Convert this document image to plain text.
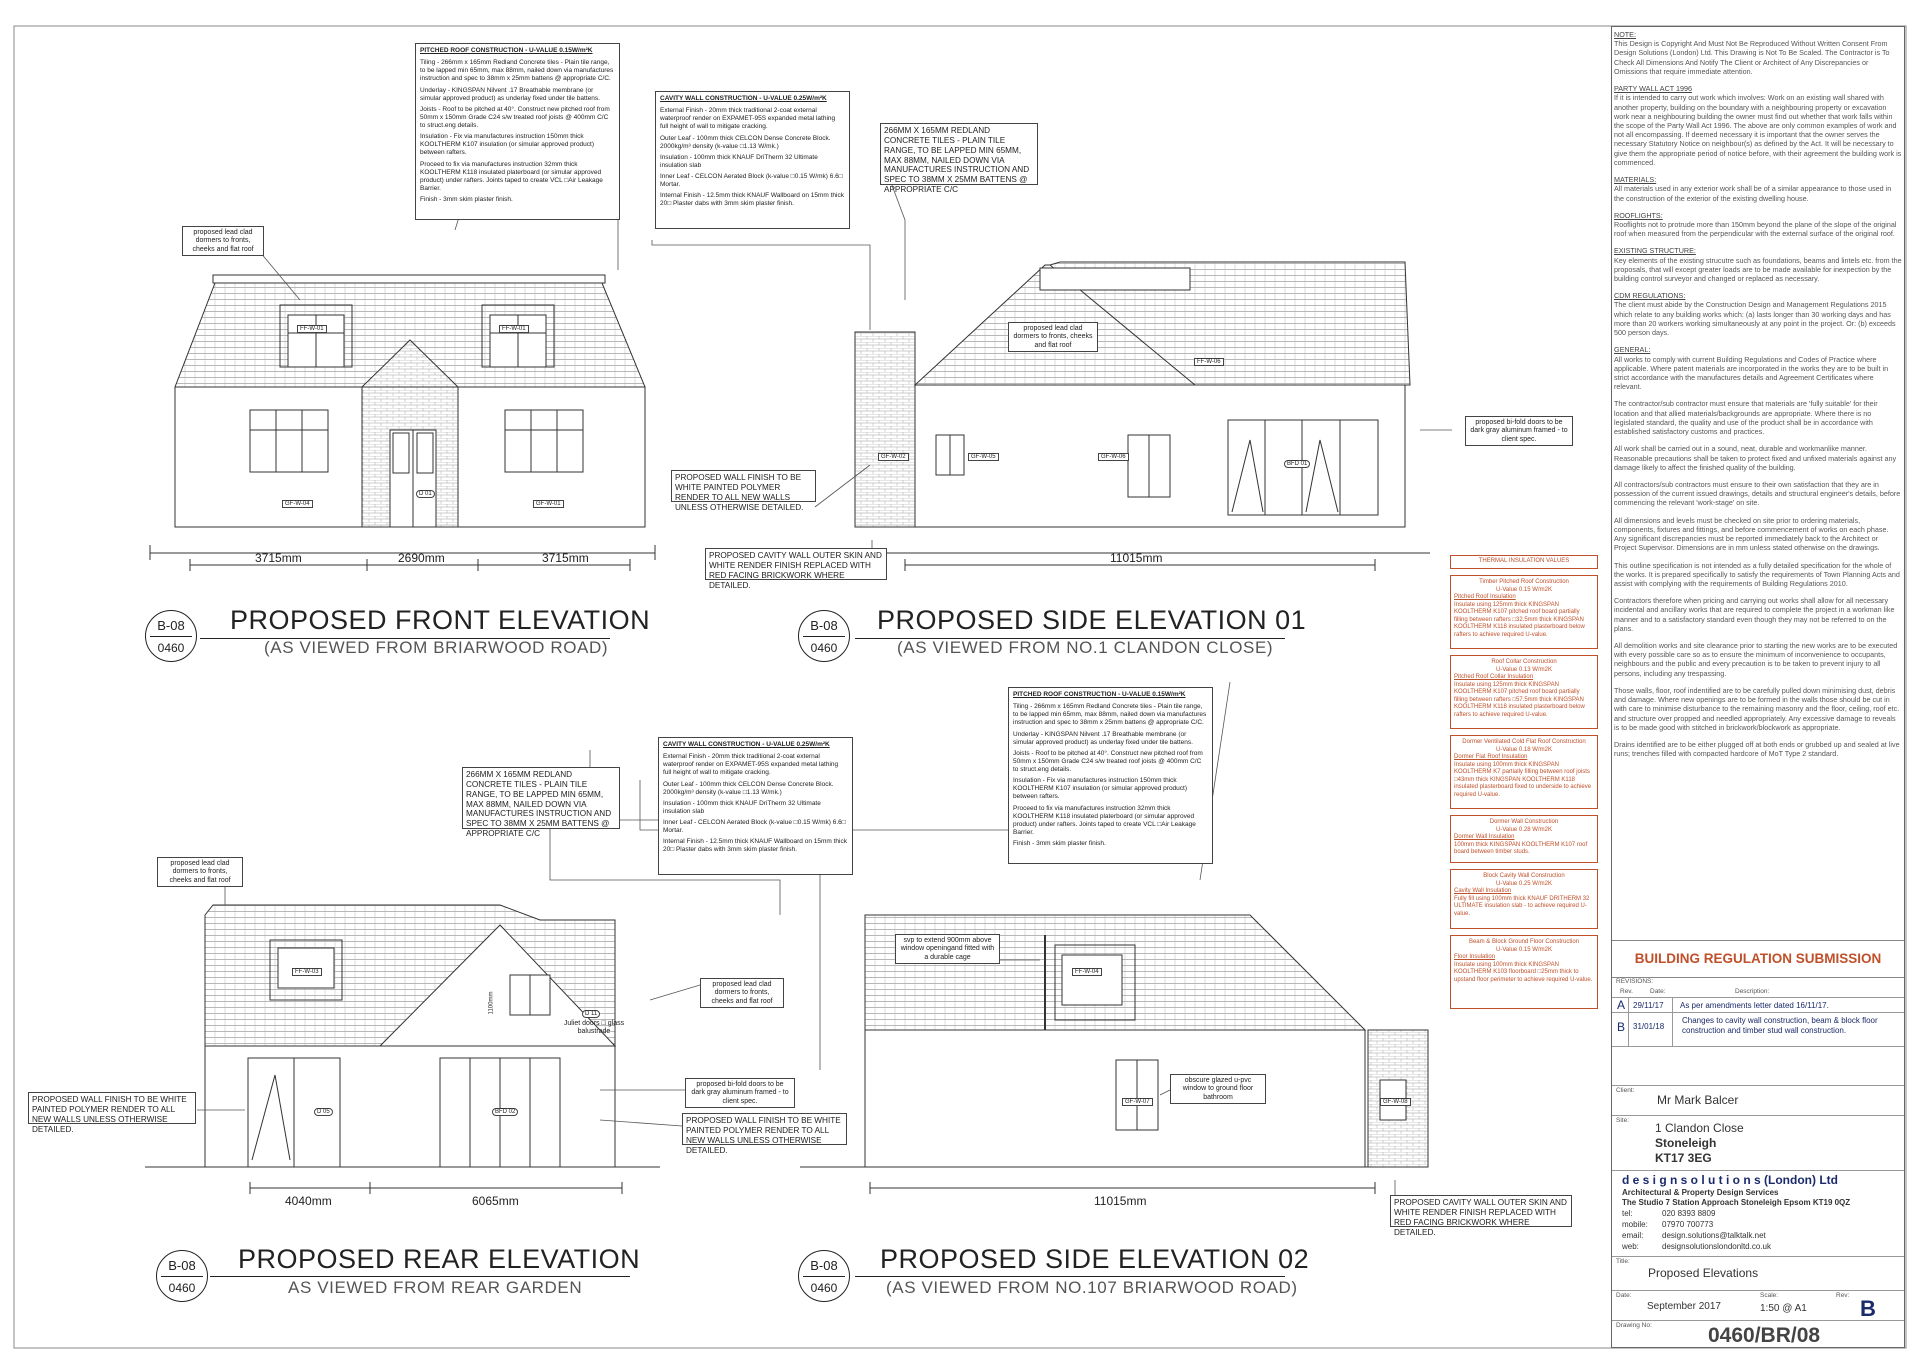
3715mm	2690mm	3715mm	11015mm
4040mm	6065mm	11015mm
B-08
0460
PROPOSED FRONT ELEVATION
(AS VIEWED FROM BRIARWOOD ROAD)
B-08
0460
PROPOSED SIDE ELEVATION 01
(AS VIEWED FROM NO.1 CLANDON CLOSE)
B-08
0460
PROPOSED REAR ELEVATION
AS VIEWED FROM REAR GARDEN
B-08
0460
PROPOSED SIDE ELEVATION 02
(AS VIEWED FROM NO.107 BRIARWOOD ROAD)

PITCHED ROOF CONSTRUCTION - U-VALUE 0.15W/m²K

Tiling - 266mm x 165mm Redland Concrete tiles - Plain tile range, to be lapped min 65mm, max 88mm, nailed down via manufactures instruction and spec to 38mm x 25mm battens @ appropriate C/C.

Underlay - KINGSPAN Nilvent .17 Breathable membrane (or simular approved product) as underlay fixed under tile battens.

Joists - Roof to be pitched at 40°. Construct new pitched roof from 50mm x 150mm Grade C24 s/w treated roof joists @ 400mm C/C to struct.eng details.

Insulation - Fix via manufactures instruction 150mm thick KOOLTHERM K107 insulation (or simular approved product) between rafters.

Proceed to fix via manufactures instruction 32mm thick KOOLTHERM K118 insulated platerboard (or simular approved product) under rafters. Joints taped to create VCL □Air Leakage Barrier.

Finish - 3mm skim plaster finish.

CAVITY WALL CONSTRUCTION - U-VALUE 0.25W/m²K

External Finish - 20mm thick traditional 2-coat external waterproof render on EXPAMET-95S expanded metal lathing full height of wall to mitigate cracking.

Outer Leaf - 100mm thick CELCON Dense Concrete Block. 2000kg/m³ density (k-value □1.13 W/mk.)

Insulation - 100mm thick KNAUF DriTherm 32 Ultimate insulation slab

Inner Leaf - CELCON Aerated Block (k-value □0.15 W/mk) 6.6□ Mortar.

Internal Finish - 12.5mm thick KNAUF Wallboard on 15mm thick 20□ Plaster dabs with 3mm skim plaster finish.

266MM X 165MM REDLAND CONCRETE TILES - PLAIN TILE RANGE, TO BE LAPPED MIN 65MM, MAX 88MM, NAILED DOWN VIA MANUFACTURES INSTRUCTION AND SPEC TO 38MM X 25MM BATTENS @ APPROPRIATE C/C
proposed lead clad dormers to fronts, cheeks and flat roof
proposed lead clad dormers to fronts, cheeks and flat roof
PROPOSED WALL FINISH TO BE WHITE PAINTED POLYMER RENDER TO ALL NEW WALLS UNLESS OTHERWISE DETAILED.
PROPOSED CAVITY WALL OUTER SKIN AND WHITE RENDER FINISH REPLACED WITH RED FACING BRICKWORK WHERE DETAILED.
proposed bi-fold doors to be dark gray aluminum framed - to client spec.

PITCHED ROOF CONSTRUCTION - U-VALUE 0.15W/m²K

Tiling - 266mm x 165mm Redland Concrete tiles - Plain tile range, to be lapped min 65mm, max 88mm, nailed down via manufactures instruction and spec to 38mm x 25mm battens @ appropriate C/C.

Underlay - KINGSPAN Nilvent .17 Breathable membrane (or simular approved product) as underlay fixed under tile battens.

Joists - Roof to be pitched at 40°. Construct new pitched roof from 50mm x 150mm Grade C24 s/w treated roof joists @ 400mm C/C to struct.eng details.

Insulation - Fix via manufactures instruction 150mm thick KOOLTHERM K107 insulation (or simular approved product) between rafters.

Proceed to fix via manufactures instruction 32mm thick KOOLTHERM K118 insulated platerboard (or simular approved product) under rafters. Joints taped to create VCL □Air Leakage Barrier.

Finish - 3mm skim plaster finish.

CAVITY WALL CONSTRUCTION - U-VALUE 0.25W/m²K

External Finish - 20mm thick traditional 2-coat external waterproof render on EXPAMET-95S expanded metal lathing full height of wall to mitigate cracking.

Outer Leaf - 100mm thick CELCON Dense Concrete Block. 2000kg/m³ density (k-value □1.13 W/mk.)

Insulation - 100mm thick KNAUF DriTherm 32 Ultimate insulation slab

Inner Leaf - CELCON Aerated Block (k-value □0.15 W/mk) 6.6□ Mortar.

Internal Finish - 12.5mm thick KNAUF Wallboard on 15mm thick 20□ Plaster dabs with 3mm skim plaster finish.

266MM X 165MM REDLAND CONCRETE TILES - PLAIN TILE RANGE, TO BE LAPPED MIN 65MM, MAX 88MM, NAILED DOWN VIA MANUFACTURES INSTRUCTION AND SPEC TO 38MM X 25MM BATTENS @ APPROPRIATE C/C
proposed lead clad dormers to fronts, cheeks and flat roof
proposed lead clad dormers to fronts, cheeks and flat roof
svp to extend 900mm above window openingand fitted with a durable cage
obscure glazed u-pvc window to ground floor bathroom
proposed bi-fold doors to be dark gray aluminum framed - to client spec.
PROPOSED WALL FINISH TO BE WHITE PAINTED POLYMER RENDER TO ALL NEW WALLS UNLESS OTHERWISE DETAILED.
PROPOSED WALL FINISH TO BE WHITE PAINTED POLYMER RENDER TO ALL NEW WALLS UNLESS OTHERWISE DETAILED.
PROPOSED CAVITY WALL OUTER SKIN AND WHITE RENDER FINISH REPLACED WITH RED FACING BRICKWORK WHERE DETAILED.
Juliet doors □ glass balustrade
FF-W-01	FF-W-01
GF-W-04	GF-W-01
D 01
GF-W-02	GF-W-05	GF-W-06
FF-W-06
BFD 01
FF-W-03
D 11
D 05	BFD 02
FF-W-04
GF-W-07	GF-W-08
1100mm
THERMAL INSULATION VALUES
Timber Pitched Roof Construction
U-Value 0.15 W/m2K
Pitched Roof Insulation
Insulate using 125mm thick KINGSPAN KOOLTHERM K107 pitched roof board partially filling between rafters □32.5mm thick KINGSPAN KOOLTHERM K118 insulated plasterboard below rafters to achieve required U-value.
Roof Collar Construction
U-Value 0.13 W/m2K
Pitched Roof Collar Insulation
Insulate using 125mm thick KINGSPAN KOOLTHERM K107 pitched roof board partially filling between rafters □57.5mm thick KINGSPAN KOOLTHERM K118 insulated plasterboard below rafters to achieve required U-value.
Dormer Ventilated Cold Flat Roof Construction
U-Value 0.18 W/m2K
Dormer Flat Roof Insulation
Insulate using 100mm thick KINGSPAN KOOLTHERM K7 partially filling between roof joists □43mm thick KINGSPAN KOOLTHERM K118 insulated plasterboard fixed to underside to achieve required U-value.
Dormer Wall Construction
U-Value 0.28 W/m2K
Dormer Wall Insulation
100mm thick KINGSPAN KOOLTHERM K107 roof board between timber studs.
Block Cavity Wall Construction
U-Value 0.25 W/m2K
Cavity Wall Insulation
Fully fill using 100mm thick KNAUF DRITHERM 32 ULTIMATE insulation slab - to achieve required U-value.
Beam & Block Ground Floor Construction
U-Value 0.15 W/m2K
Floor Insulation
Insulate using 100mm thick KINGSPAN KOOLTHERM K103 floorboard □25mm thick to upstand floor perimeter to achieve required U-value.
NOTE:

This Design is Copyright And Must Not Be Reproduced Without Written Consent From Design Solutions (London) Ltd. This Drawing is Not To Be Scaled. The Contractor is To Check All Dimensions And Notify The Client or Architect of Any Discrepancies or Omissions that require immediate attention.

PARTY WALL ACT 1996

If it is intended to carry out work which involves: Work on an existing wall shared with another property, building on the boundary with a neighbouring property or excavation work near a neighbouring building the owner must find out whether that work falls within the scope of the Party Wall Act 1996. The above are only common examples of work and not all encompassing. If deemed necessary it is important that the owner serves the necessary Statutory Notice on neighbour(s) as defined by the Act. It will be necessary to give them the appropriate period of notice before, with their agreement the building work is commenced.

MATERIALS:

All materials used in any exterior work shall be of a similar appearance to those used in the construction of the exterior of the existing dwelling house.

ROOFLIGHTS:

Rooflights not to protrude more than 150mm beyond the plane of the slope of the original roof when measured from the perpendicular with the external surface of the original roof.

EXISTING STRUCTURE:

Key elements of the existing strucutre such as foundations, beams and lintels etc. from the proposals, that will except greater loads are to be made available for inexpection by the building control surveyor and changed or replaced as necessary.

CDM REGULATIONS:

The client must abide by the Construction Design and Management Regulations 2015 which relate to any building works which: (a) lasts longer than 30 working days and has more than 20 workers working simultaneously at any point in the project. Or: (b) exceeds 500 person days.

GENERAL:

All works to comply with current Building Regulations and Codes of Practice where applicable. Where patent materials are incorporated in the works they are to be built in strict accordance with the manufactures details and Agreement Certificates where relevant.

The contractor/sub contractor must ensure that materials are 'fully suitable' for their location and that allied materials/backgrounds are appropriate. Where there is no legislated standard, the quality and use of the product shall be in accordance with established satisfactory customs and practices.

All work shall be carried out in a sound, neat, durable and workmanlike manner. Reasonable precautions shall be taken to protect fixed and unfixed materials against any damage likely to affect the finished quality of the building.

All contractors/sub contractors must ensure to their own satisfaction that they are in possession of the current issued drawings, details and structural engineer's details, before commencing the relevant 'work-stage' on site.

All dimensions and levels must be checked on site prior to ordering materials, components, fixtures and fittings, and before commencement of works on each phase. Any significant discrepancies must be reported immediately back to the Architect or Project Supervisor. Dimensions are in mm unless stated otherwise on the drawings.

This outline specification is not intended as a fully detailed specification for the whole of the works. It is prepared specifically to satisfy the requirements of Town Planning Acts and assist with complying with the requirements of Building Regulations 2010.

Contractors therefore when pricing and carrying out works shall allow for all necessary incidental and ancillary works that are required to complete the project in a workman like manner and to a satisfactory standard even though they may not be referred to on the plans.

All demolition works and site clearance prior to starting the new works are to be executed with every possible care so as to ensure the minimum of inconvenience to occupants, neighbours and the public and every precaution is to be taken to prevent injury to all persons, including any trespassing.

Those walls, floor, roof indentified are to be carefully pulled down minimising dust, debris and damage. Where new openings are to be formed in the walls those should be cut in with care to minimise disturbance to the remaining masonry and the floor, ceiling, roof etc. and structure over propped and needled appropriately. Any excessive damage to reveals is to be made good with stitched in brickwork/blockwork as appropriate.

Drains identified are to be either plugged off at both ends or grubbed up and sealed at live runs; trenches filled with compacted hardcore of MoT Type 2 standard.

BUILDING REGULATION SUBMISSION
REVISIONS:
Rev.	Date:	Description:
A 29/11/17 As per amendments letter dated 16/11/17.
B 31/01/18
Changes to cavity wall construction, beam & block floor construction and timber stud wall construction.
Client:
Mr Mark Balcer
Site:
1 Clandon Close
Stoneleigh
KT17 3EG
d e s i g n s o l u t i o n s (London) Ltd
Architectural & Property Design Services
The Studio 7 Station Approach Stoneleigh Epsom KT19 0QZ
tel:	020 8393 8809
mobile: 07970 700773
email: design.solutions@talktalk.net
web:	designsolutionslondonltd.co.uk
Title:
Proposed Elevations
Date:
September 2017
Scale:
1:50 @ A1
Rev:
B
Drawing No:	0460/BR/08
